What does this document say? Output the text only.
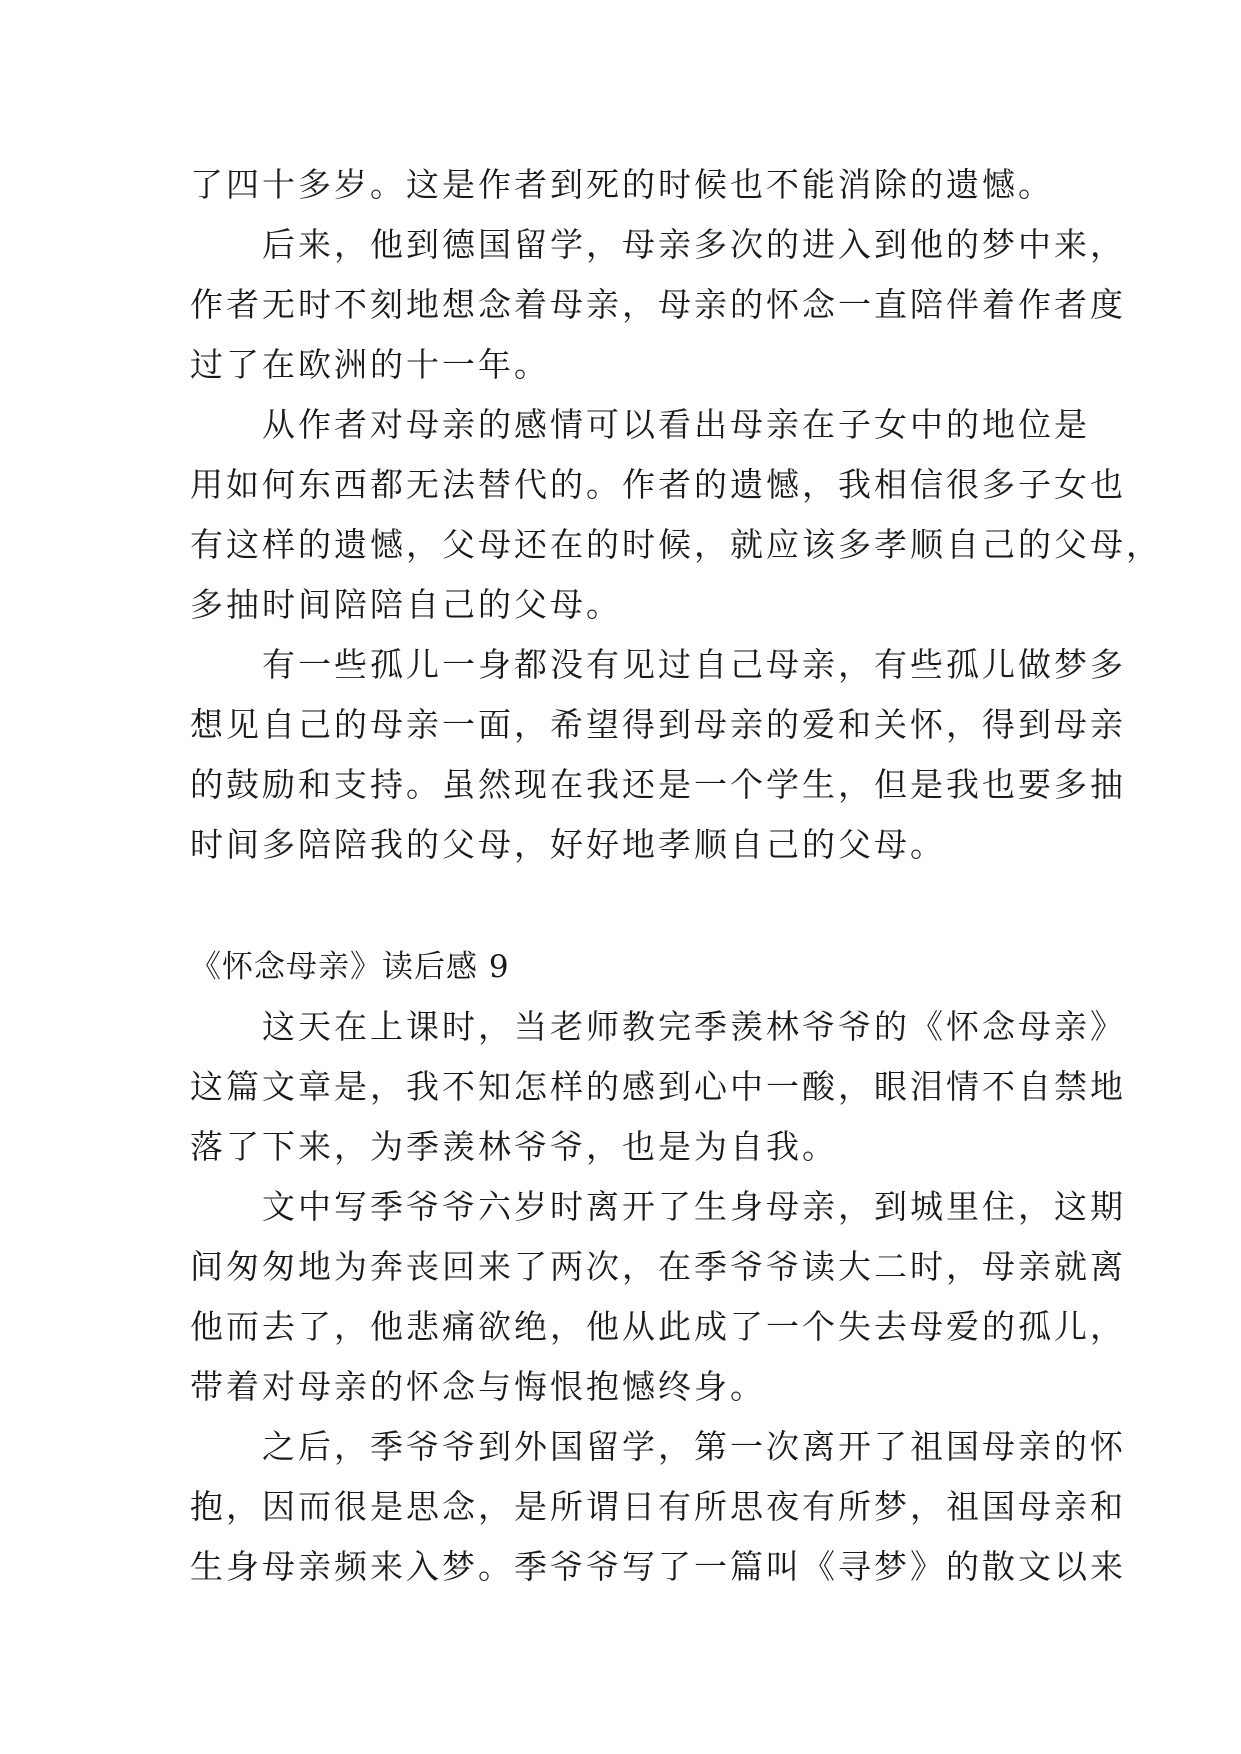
了四十多岁。这是作者到死的时候也不能消除的遗憾。
　　后来，他到德国留学，母亲多次的进入到他的梦中来，
作者无时不刻地想念着母亲，母亲的怀念一直陪伴着作者度
过了在欧洲的十一年。
　　从作者对母亲的感情可以看出母亲在子女中的地位是
用如何东西都无法替代的。作者的遗憾，我相信很多子女也
有这样的遗憾，父母还在的时候，就应该多孝顺自己的父母，
多抽时间陪陪自己的父母。
　　有一些孤儿一身都没有见过自己母亲，有些孤儿做梦多
想见自己的母亲一面，希望得到母亲的爱和关怀，得到母亲
的鼓励和支持。虽然现在我还是一个学生，但是我也要多抽
时间多陪陪我的父母，好好地孝顺自己的父母。
《怀念母亲》读后感 9
　　这天在上课时，当老师教完季羡林爷爷的《怀念母亲》
这篇文章是，我不知怎样的感到心中一酸，眼泪情不自禁地
落了下来，为季羡林爷爷，也是为自我。
　　文中写季爷爷六岁时离开了生身母亲，到城里住，这期
间匆匆地为奔丧回来了两次，在季爷爷读大二时，母亲就离
他而去了，他悲痛欲绝，他从此成了一个失去母爱的孤儿，
带着对母亲的怀念与悔恨抱憾终身。
　　之后，季爷爷到外国留学，第一次离开了祖国母亲的怀
抱，因而很是思念，是所谓日有所思夜有所梦，祖国母亲和
生身母亲频来入梦。季爷爷写了一篇叫《寻梦》的散文以来
